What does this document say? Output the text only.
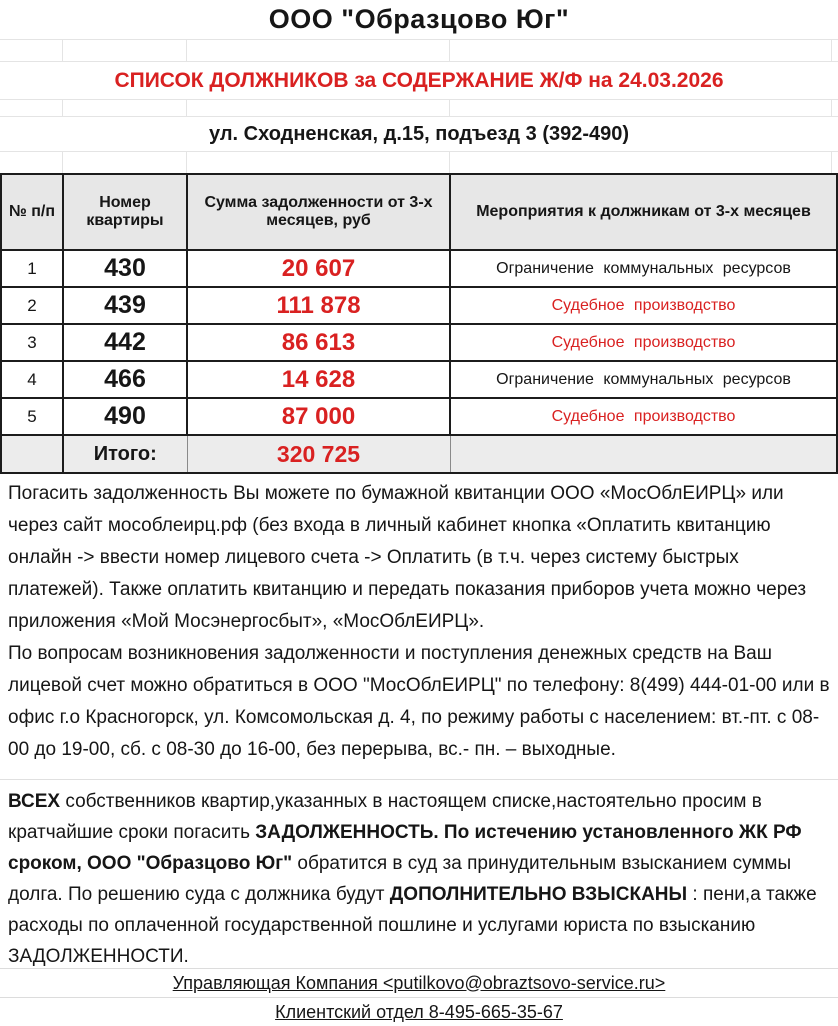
ООО "Образцово Юг"
СПИСОК ДОЛЖНИКОВ за СОДЕРЖАНИЕ Ж/Ф на 24.03.2026
ул. Сходненская, д.15, подъезд 3 (392-490)
№ п/п	Номер квартиры	Сумма задолженности от 3-х месяцев, руб	Мероприятия к должникам от 3-х месяцев
1	430	20 607	Ограничение коммунальных ресурсов
2	439	111 878	Судебное производство
3	442	86 613	Судебное производство
4	466	14 628	Ограничение коммунальных ресурсов
5	490	87 000	Судебное производство
	Итого:	320 725	

Погасить задолженность Вы можете по бумажной квитанции ООО «МосОблЕИРЦ» или через сайт мособлеирц.рф (без входа в личный кабинет кнопка «Оплатить квитанцию онлайн -> ввести номер лицевого счета -> Оплатить (в т.ч. через систему быстрых платежей). Также оплатить квитанцию и передать показания приборов учета можно через приложения «Мой Мосэнергосбыт», «МосОблЕИРЦ».

По вопросам возникновения задолженности и поступления денежных средств на Ваш лицевой счет можно обратиться в ООО "МосОблЕИРЦ" по телефону: 8(499) 444-01-00 или в офис г.о Красногорск, ул. Комсомольская д. 4, по режиму работы с населением: вт.-пт. с 08-00 до 19-00, сб. с 08-30 до 16-00, без перерыва, вс.- пн. – выходные.

ВСЕХ собственников квартир,указанных в настоящем списке,настоятельно просим в кратчайшие сроки погасить ЗАДОЛЖЕННОСТЬ. По истечению установленного ЖК РФ сроком, ООО "Образцово Юг" обратится в суд за принудительным взысканием суммы долга. По решению суда с должника будут ДОПОЛНИТЕЛЬНО ВЗЫСКАНЫ : пени,а также расходы по оплаченной государственной пошлине и услугами юриста по взысканию ЗАДОЛЖЕННОСТИ.
Управляющая Компания <putilkovo@obraztsovo-service.ru>
Клиентский отдел 8-495-665-35-67
